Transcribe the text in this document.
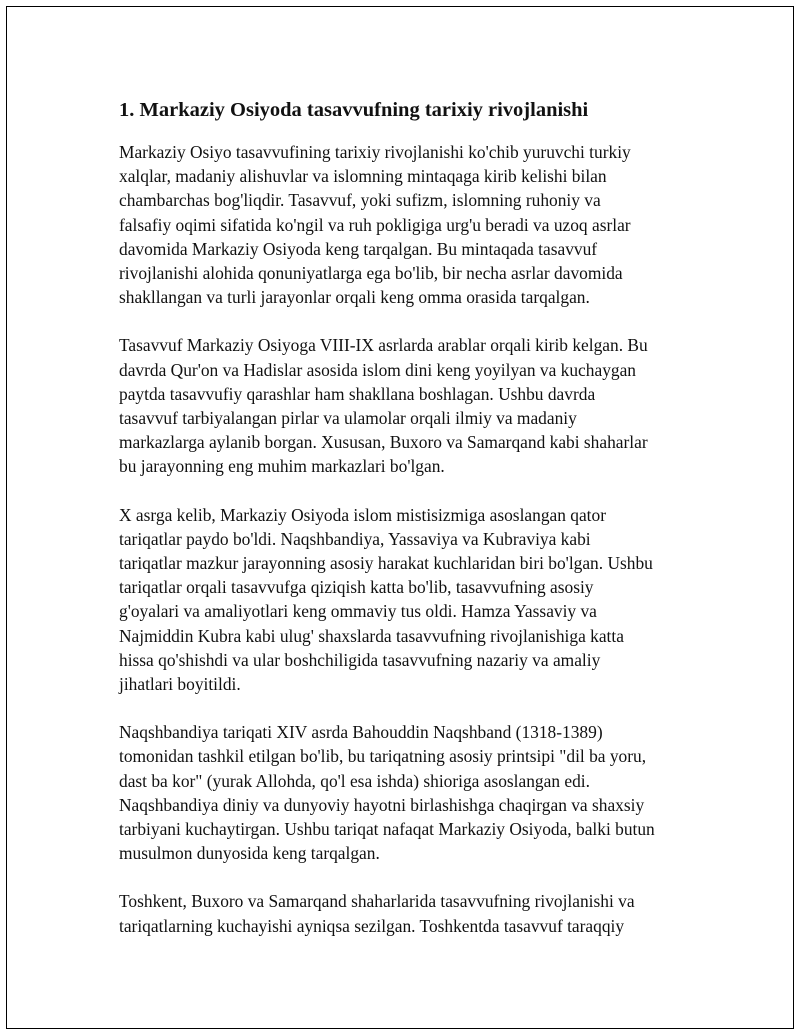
1. Markaziy Osiyoda tasavvufning tarixiy rivojlanishi

Markaziy Osiyo tasavvufining tarixiy rivojlanishi ko'chib yuruvchi turkiy
xalqlar, madaniy alishuvlar va islomning mintaqaga kirib kelishi bilan
chambarchas bog'liqdir. Tasavvuf, yoki sufizm, islomning ruhoniy va
falsafiy oqimi sifatida ko'ngil va ruh pokligiga urg'u beradi va uzoq asrlar
davomida Markaziy Osiyoda keng tarqalgan. Bu mintaqada tasavvuf
rivojlanishi alohida qonuniyatlarga ega bo'lib, bir necha asrlar davomida
shakllangan va turli jarayonlar orqali keng omma orasida tarqalgan.

Tasavvuf Markaziy Osiyoga VIII-IX asrlarda arablar orqali kirib kelgan. Bu
davrda Qur'on va Hadislar asosida islom dini keng yoyilyan va kuchaygan
paytda tasavvufiy qarashlar ham shakllana boshlagan. Ushbu davrda
tasavvuf tarbiyalangan pirlar va ulamolar orqali ilmiy va madaniy
markazlarga aylanib borgan. Xususan, Buxoro va Samarqand kabi shaharlar
bu jarayonning eng muhim markazlari bo'lgan.

X asrga kelib, Markaziy Osiyoda islom mistisizmiga asoslangan qator
tariqatlar paydo bo'ldi. Naqshbandiya, Yassaviya va Kubraviya kabi
tariqatlar mazkur jarayonning asosiy harakat kuchlaridan biri bo'lgan. Ushbu
tariqatlar orqali tasavvufga qiziqish katta bo'lib, tasavvufning asosiy
g'oyalari va amaliyotlari keng ommaviy tus oldi. Hamza Yassaviy va
Najmiddin Kubra kabi ulug' shaxslarda tasavvufning rivojlanishiga katta
hissa qo'shishdi va ular boshchiligida tasavvufning nazariy va amaliy
jihatlari boyitildi.

Naqshbandiya tariqati XIV asrda Bahouddin Naqshband (1318-1389)
tomonidan tashkil etilgan bo'lib, bu tariqatning asosiy printsipi "dil ba yoru,
dast ba kor" (yurak Allohda, qo'l esa ishda) shioriga asoslangan edi.
Naqshbandiya diniy va dunyoviy hayotni birlashishga chaqirgan va shaxsiy
tarbiyani kuchaytirgan. Ushbu tariqat nafaqat Markaziy Osiyoda, balki butun
musulmon dunyosida keng tarqalgan.

Toshkent, Buxoro va Samarqand shaharlarida tasavvufning rivojlanishi va
tariqatlarning kuchayishi ayniqsa sezilgan. Toshkentda tasavvuf taraqqiy
